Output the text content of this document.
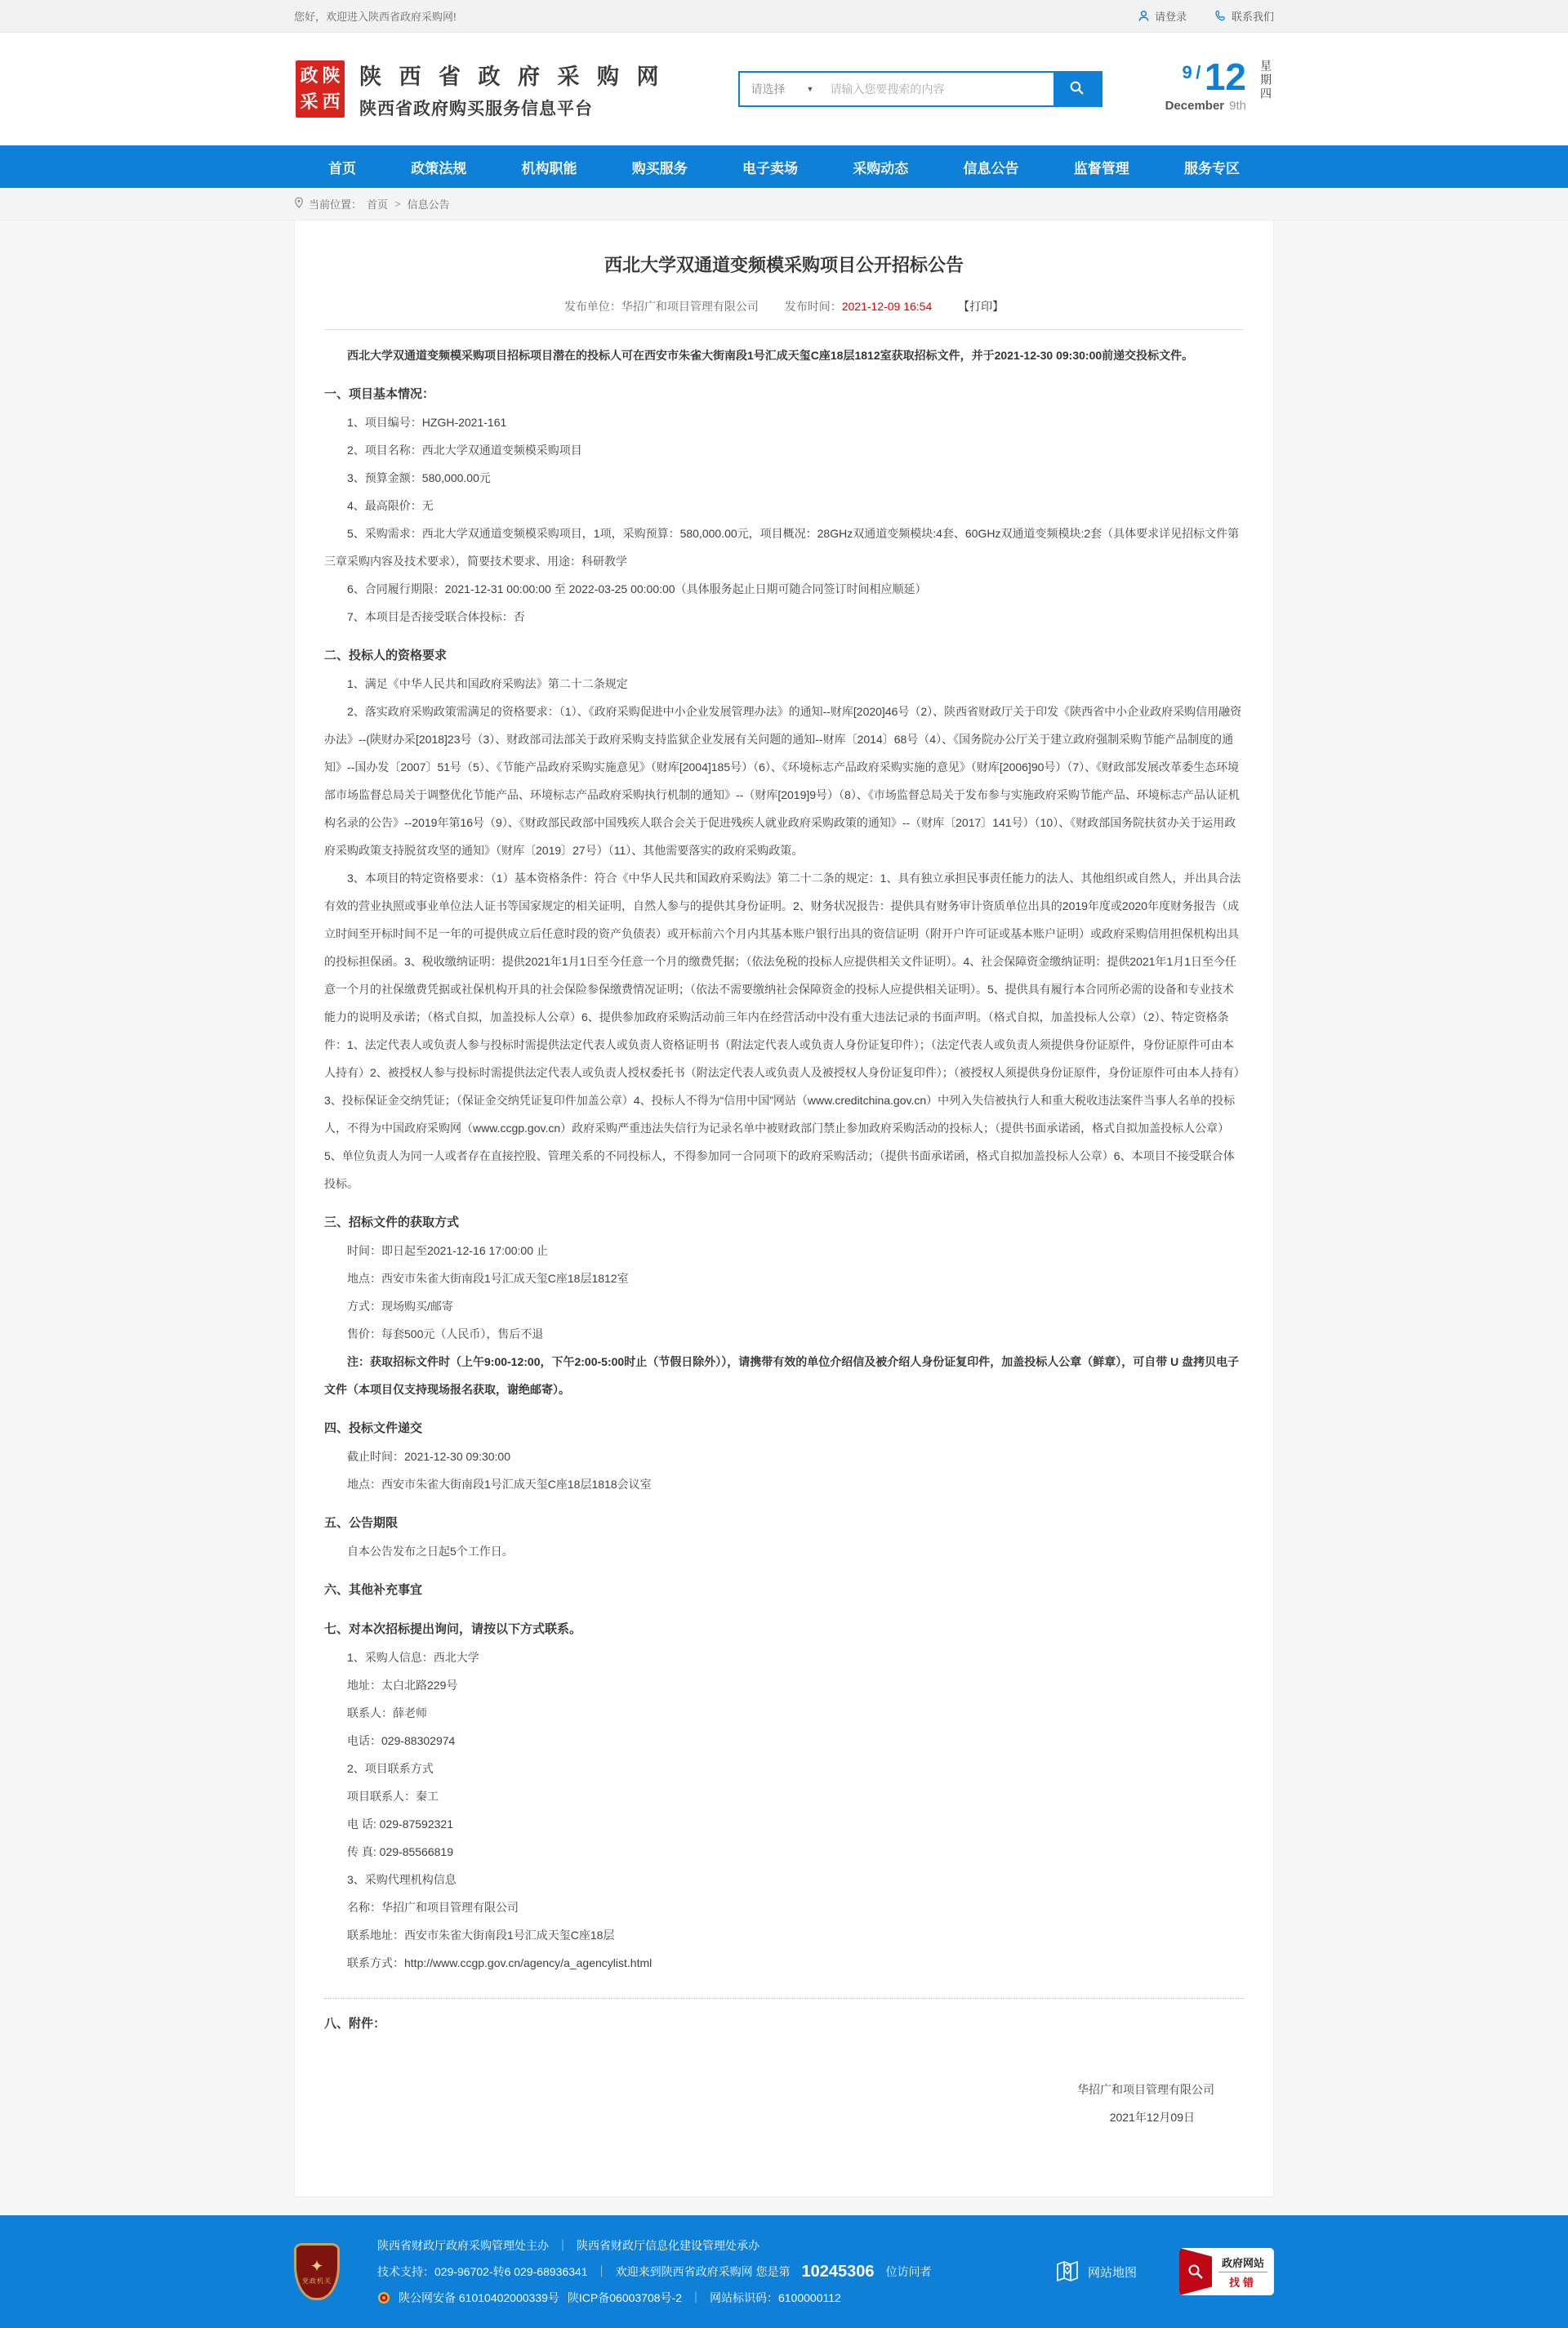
您好，欢迎进入陕西省政府采购网!	请登录	联系我们
政 陕
采 西
陕 西 省 政 府 采 购 网
陕西省政府购买服务信息平台
请选择	▼
请输入您要搜索的内容
9 / 12
December 9th
星期四
首页	政策法规	机构职能	购买服务	电子卖场	采购动态	信息公告	监督管理	服务专区
当前位置： 首页 > 信息公告
西北大学双通道变频模采购项目公开招标公告
发布单位：华招广和项目管理有限公司 发布时间：2021-12-09 16:54 【打印】

西北大学双通道变频模采购项目招标项目潜在的投标人可在西安市朱雀大街南段1号汇成天玺C座18层1812室获取招标文件，并于2021-12-30 09:30:00前递交投标文件。

一、项目基本情况：

1、项目编号：HZGH-2021-161

2、项目名称：西北大学双通道变频模采购项目

3、预算金额：580,000.00元

4、最高限价：无

5、采购需求：西北大学双通道变频模采购项目，1项，采购预算：580,000.00元，项目概况：28GHz双通道变频模块:4套、60GHz双通道变频模块:2套（具体要求详见招标文件第三章采购内容及技术要求），简要技术要求、用途：科研教学

6、合同履行期限：2021-12-31 00:00:00 至 2022-03-25 00:00:00（具体服务起止日期可随合同签订时间相应顺延）

7、本项目是否接受联合体投标：否

二、投标人的资格要求

1、满足《中华人民共和国政府采购法》第二十二条规定

2、落实政府采购政策需满足的资格要求：（1）、《政府采购促进中小企业发展管理办法》的通知--财库[2020]46号（2）、陕西省财政厅关于印发《陕西省中小企业政府采购信用融资办法》--(陕财办采[2018]23号（3）、财政部司法部关于政府采购支持监狱企业发展有关问题的通知--财库〔2014〕68号（4）、《国务院办公厅关于建立政府强制采购节能产品制度的通知》--国办发〔2007〕51号（5）、《节能产品政府采购实施意见》（财库[2004]185号）（6）、《环境标志产品政府采购实施的意见》（财库[2006]90号）（7）、《财政部发展改革委生态环境部市场监督总局关于调整优化节能产品、环境标志产品政府采购执行机制的通知》--（财库[2019]9号）（8）、《市场监督总局关于发布参与实施政府采购节能产品、环境标志产品认证机构名录的公告》--2019年第16号（9）、《财政部民政部中国残疾人联合会关于促进残疾人就业政府采购政策的通知》--（财库〔2017〕141号）（10）、《财政部国务院扶贫办关于运用政府采购政策支持脱贫攻坚的通知》（财库〔2019〕27号）（11）、其他需要落实的政府采购政策。

3、本项目的特定资格要求：（1）基本资格条件：符合《中华人民共和国政府采购法》第二十二条的规定：1、具有独立承担民事责任能力的法人、其他组织或自然人，并出具合法有效的营业执照或事业单位法人证书等国家规定的相关证明，自然人参与的提供其身份证明。2、财务状况报告：提供具有财务审计资质单位出具的2019年度或2020年度财务报告（成立时间至开标时间不足一年的可提供成立后任意时段的资产负债表）或开标前六个月内其基本账户银行出具的资信证明（附开户许可证或基本账户证明）或政府采购信用担保机构出具的投标担保函。3、税收缴纳证明：提供2021年1月1日至今任意一个月的缴费凭据；（依法免税的投标人应提供相关文件证明）。4、社会保障资金缴纳证明：提供2021年1月1日至今任意一个月的社保缴费凭据或社保机构开具的社会保险参保缴费情况证明；（依法不需要缴纳社会保障资金的投标人应提供相关证明）。5、提供具有履行本合同所必需的设备和专业技术能力的说明及承诺；（格式自拟，加盖投标人公章）6、提供参加政府采购活动前三年内在经营活动中没有重大违法记录的书面声明。（格式自拟，加盖投标人公章）（2）、特定资格条件：1、法定代表人或负责人参与投标时需提供法定代表人或负责人资格证明书（附法定代表人或负责人身份证复印件）；（法定代表人或负责人须提供身份证原件，身份证原件可由本人持有）2、被授权人参与投标时需提供法定代表人或负责人授权委托书（附法定代表人或负责人及被授权人身份证复印件）；（被授权人须提供身份证原件，身份证原件可由本人持有）3、投标保证金交纳凭证；（保证金交纳凭证复印件加盖公章）4、投标人不得为“信用中国”网站（www.creditchina.gov.cn）中列入失信被执行人和重大税收违法案件当事人名单的投标人，不得为中国政府采购网（www.ccgp.gov.cn）政府采购严重违法失信行为记录名单中被财政部门禁止参加政府采购活动的投标人；（提供书面承诺函，格式自拟加盖投标人公章）5、单位负责人为同一人或者存在直接控股、管理关系的不同投标人，不得参加同一合同项下的政府采购活动；（提供书面承诺函，格式自拟加盖投标人公章）6、本项目不接受联合体投标。

三、招标文件的获取方式

时间：即日起至2021-12-16 17:00:00 止

地点：西安市朱雀大街南段1号汇成天玺C座18层1812室

方式：现场购买/邮寄

售价：每套500元（人民币），售后不退

注：获取招标文件时（上午9:00-12:00，下午2:00-5:00时止（节假日除外）），请携带有效的单位介绍信及被介绍人身份证复印件，加盖投标人公章（鲜章），可自带 U 盘拷贝电子文件（本项目仅支持现场报名获取，谢绝邮寄）。

四、投标文件递交

截止时间：2021-12-30 09:30:00

地点：西安市朱雀大街南段1号汇成天玺C座18层1818会议室

五、公告期限

自本公告发布之日起5个工作日。

六、其他补充事宜
七、对本次招标提出询问，请按以下方式联系。

1、采购人信息：西北大学

地址：太白北路229号

联系人：薛老师

电话：029-88302974

2、项目联系方式

项目联系人：秦工

电 话: 029-87592321

传 真: 029-85566819

3、采购代理机构信息

名称：华招广和项目管理有限公司

联系地址：西安市朱雀大街南段1号汇成天玺C座18层

联系方式：http://www.ccgp.gov.cn/agency/a_agencylist.html

八、附件：

华招广和项目管理有限公司

2021年12月09日

✦
党政机关
陕西省财政厅政府采购管理处主办 ｜ 陕西省财政厅信息化建设管理处承办
技术支持：029-96702-转6 029-68936341 ｜ 欢迎来到陕西省政府采购网 您是第 10245306 位访问者
陕公网安备 61010402000339号 陕ICP备06003708号-2 ｜ 网站标识码：6100000112
网站地图
政府网站
找错
